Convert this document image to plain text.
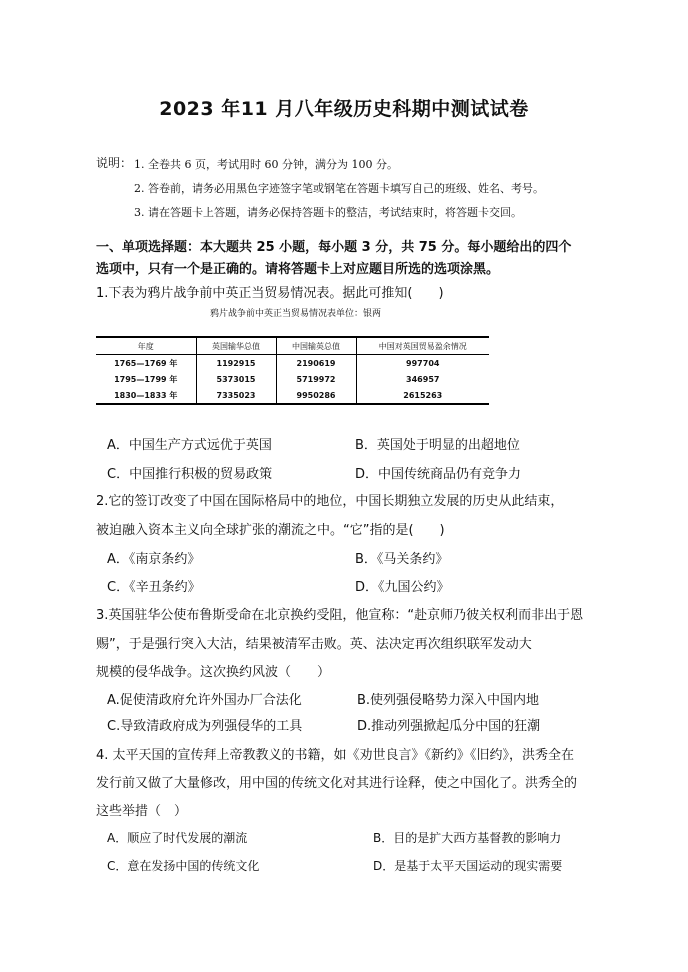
2023 年11 月八年级历史科期中测试试卷
说明： 1. 全卷共 6 页，考试用时 60 分钟，满分为 100 分。
2. 答卷前，请务必用黑色字迹签字笔或钢笔在答题卡填写自己的班级、姓名、考号。
3. 请在答题卡上答题，请务必保持答题卡的整洁，考试结束时，将答题卡交回。
一、单项选择题：本大题共 25 小题，每小题 3 分，共 75 分。每小题给出的四个
选项中，只有一个是正确的。请将答题卡上对应题目所选的选项涂黑。
1.下表为鸦片战争前中英正当贸易情况表。据此可推知(　　)
鸦片战争前中英正当贸易情况表单位：银两
年度	英国输华总值	中国输英总值	中国对英国贸易盈余情况
1765—1769 年	1192915	2190619	997704
1795—1799 年	5373015	5719972	346957
1830—1833 年	7335023	9950286	2615263
A．中国生产方式远优于英国	B．英国处于明显的出超地位
C．中国推行积极的贸易政策	D．中国传统商品仍有竞争力
2.它的签订改变了中国在国际格局中的地位，中国长期独立发展的历史从此结束，
被迫融入资本主义向全球扩张的潮流之中。“它”指的是(　　)
A．《南京条约》	B．《马关条约》
C．《辛丑条约》	D．《九国公约》
3.英国驻华公使布鲁斯受命在北京换约受阻，他宣称：“赴京师乃彼关权利而非出于恩
赐”，于是强行突入大沽，结果被清军击败。英、法决定再次组织联军发动大
规模的侵华战争。这次换约风波（　　）
A.促使清政府允许外国办厂合法化	B.使列强侵略势力深入中国内地
C.导致清政府成为列强侵华的工具	D.推动列强掀起瓜分中国的狂潮
4. 太平天国的宣传拜上帝教教义的书籍，如《劝世良言》《新约》《旧约》，洪秀全在
发行前又做了大量修改，用中国的传统文化对其进行诠释，使之中国化了。洪秀全的
这些举措（　）
A．顺应了时代发展的潮流	B．目的是扩大西方基督教的影响力
C．意在发扬中国的传统文化	D．是基于太平天国运动的现实需要
